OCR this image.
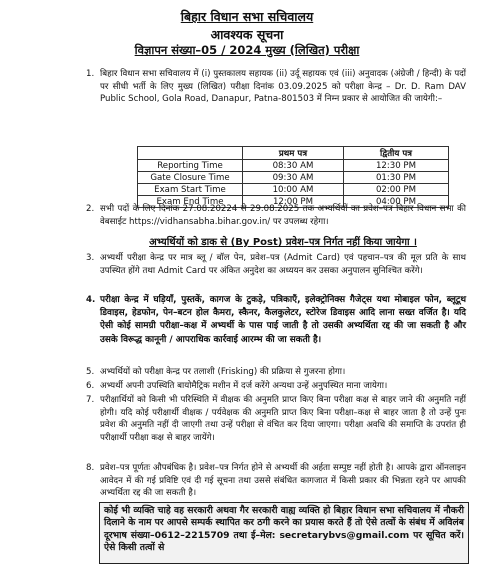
बिहार विधान सभा सचिवालय
आवश्यक सूचना
विज्ञापन संख्या–05 / 2024 मुख्य (लिखित) परीक्षा
1. बिहार विधान सभा सचिवालय में (i) पुस्तकालय सहायक (ii) उर्दू सहायक एवं (iii) अनुवादक (अंग्रेजी / हिन्दी) के पदों पर सीधी भर्ती के लिए मुख्य (लिखित) परीक्षा दिनांक 03.09.2025 को परीक्षा केन्द्र – Dr. D. Ram DAV Public School, Gola Road, Danapur, Patna-801503 में निम्न प्रकार से आयोजित की जायेगी:–
	प्रथम पत्र	द्वितीय पत्र
Reporting Time	08:30 AM	12:30 PM
Gate Closure Time	09:30 AM	01:30 PM
Exam Start Time	10:00 AM	02:00 PM
Exam End Time	12:00 PM	04:00 PM
2. सभी पदों के लिए दिनांक 27.08.20224 से 29.08.2025 तक अभ्यर्थियों का प्रवेश–पत्र बिहार विधान सभा की वेबसाईट https://vidhansabha.bihar.gov.in/ पर उपलब्ध रहेगा।
अभ्यर्थियों को डाक से (By Post) प्रवेश–पत्र निर्गत नहीं किया जायेगा ।
3. अभ्यर्थी परीक्षा केन्द्र पर मात्र ब्लू / बॉल पेन, प्रवेश–पत्र (Admit Card) एवं पहचान–पत्र की मूल प्रति के साथ उपस्थित होंगे तथा Admit Card पर अंकित अनुदेश का अध्ययन कर उसका अनुपालन सुनिश्चित करेंगे।
4. परीक्षा केन्द्र में घड़ियाँ, पुस्तकें, कागज के टुकड़े, पत्रिकाएँ, इलेक्ट्रोनिक्स गैजेट्स यथा मोबाइल फोन, ब्लूटूथ डिवाइस, हेडफोन, पेन–बटन होल कैमरा, स्कैनर, कैलकुलेटर, स्टोरेज डिवाइस आदि लाना सख्त वर्जित है। यदि ऐसी कोई सामग्री परीक्षा–कक्ष में अभ्यर्थी के पास पाई जाती है तो उसकी अभ्यर्थिता रद्द की जा सकती है और उसके विरूद्ध कानूनी / आपराधिक कार्रवाई आरम्भ की जा सकती है।
5. अभ्यर्थियों को परीक्षा केन्द्र पर तलाशी (Frisking) की प्रक्रिया से गुजरना होगा।
6. अभ्यर्थी अपनी उपस्थिति बायोमैट्रिक मशीन में दर्ज करेंगे अन्यथा उन्हें अनुपस्थित माना जायेगा।
7. परीक्षार्थियों को किसी भी परिस्थिति में वीक्षक की अनुमति प्राप्त किए बिना परीक्षा कक्ष से बाहर जाने की अनुमति नहीं होगी। यदि कोई परीक्षार्थी वीक्षक / पर्यवेक्षक की अनुमति प्राप्त किए बिना परीक्षा–कक्ष से बाहर जाता है तो उन्हें पुनः प्रवेश की अनुमति नहीं दी जाएगी तथा उन्हें परीक्षा से वंचित कर दिया जाएगा। परीक्षा अवधि की समाप्ति के उपरांत ही परीक्षार्थी परीक्षा कक्ष से बाहर जायेंगे।
8. प्रवेश–पत्र पूर्णतः औपबंधिक है। प्रवेश–पत्र निर्गत होने से अभ्यर्थी की अर्हता सम्पुष्ट नहीं होती है। आपके द्वारा ऑनलाइन आवेदन में की गई प्रविष्टि एवं दी गई सूचना तथा उससे संबंधित कागजात में किसी प्रकार की भिन्नता रहने पर आपकी अभ्यर्थिता रद्द की जा सकती है।
कोई भी व्यक्ति चाहे वह सरकारी अथवा गैर सरकारी वाह्य व्यक्ति हो बिहार विधान सभा सचिवालय में नौकरी दिलाने के नाम पर आपसे सम्पर्क स्थापित कर ठगी करने का प्रयास करते हैं तो ऐसे तत्वों के संबंध में अविलंब दूरभाष संख्या–0612–2215709 तथा ई–मेल: secretarybvs@gmail.com पर सूचित करें। ऐसे किसी तत्वों से
